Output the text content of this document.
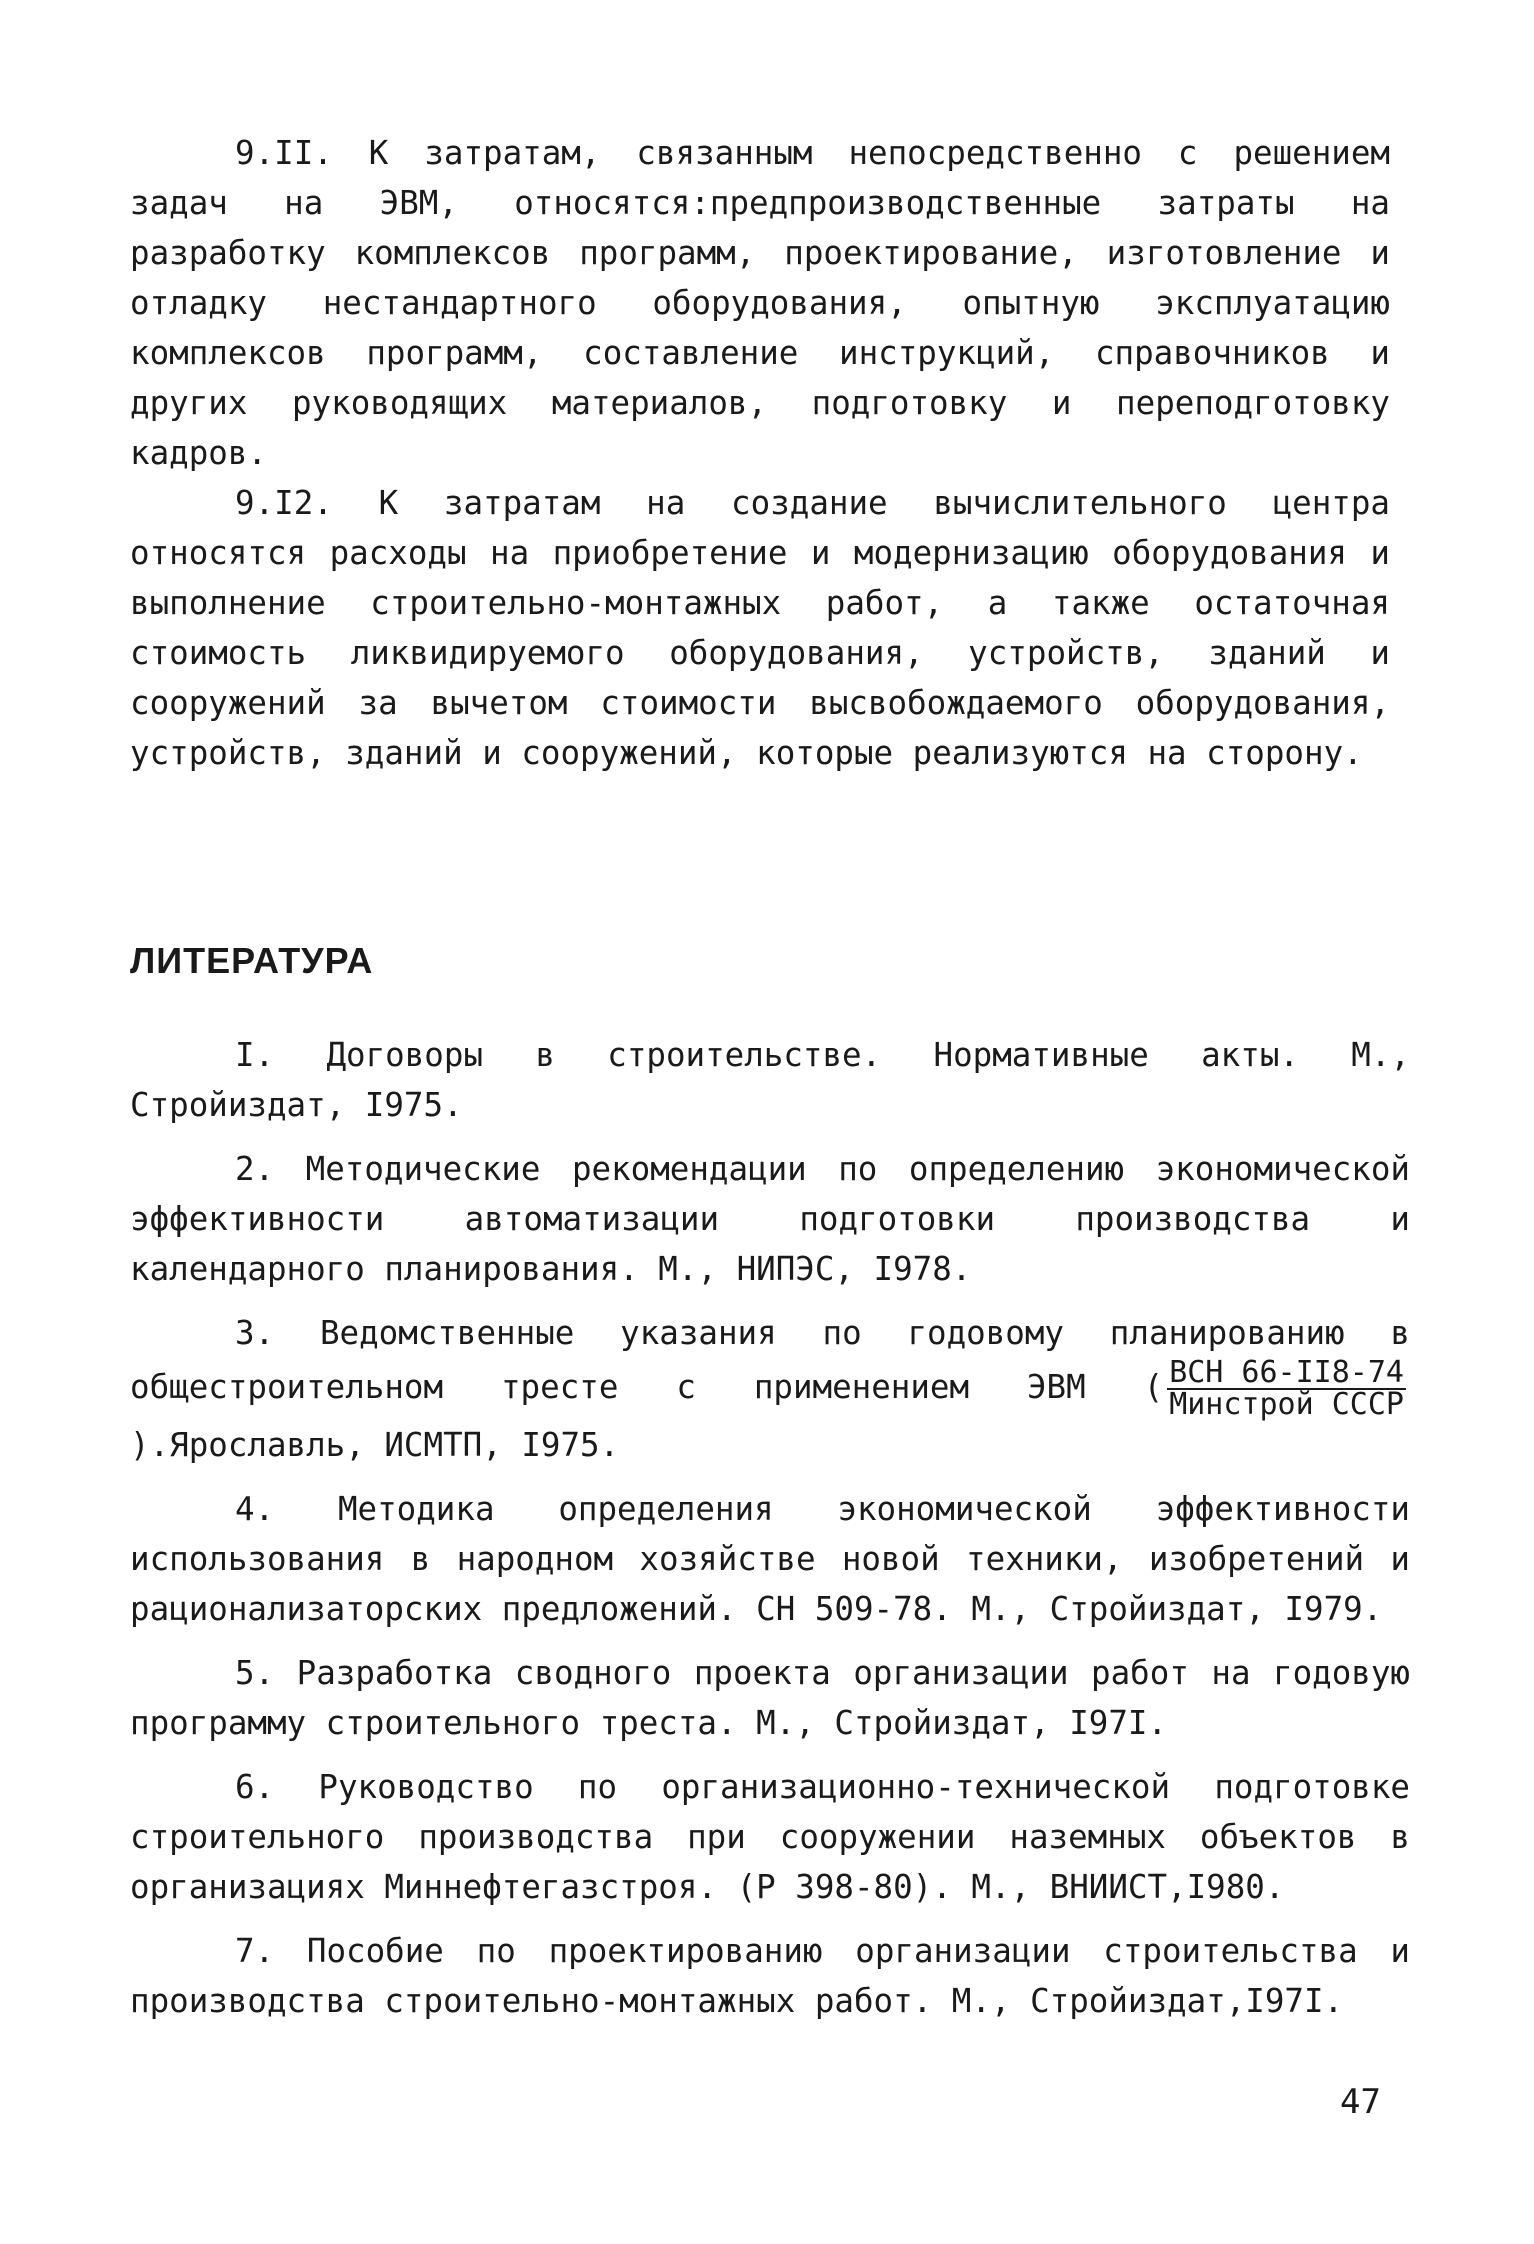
9.II. К затратам, связанным непосредственно с решением задач на ЭВМ, относятся:предпроизводственные затраты на разработку комплексов программ, проектирование, изготовление и отладку нестандартного оборудования, опытную эксплуатацию комплексов программ, составление инструкций, справочников и других руководящих материалов, подготовку и переподготовку кадров.

9.I2. К затратам на создание вычислительного центра относятся расходы на приобретение и модернизацию оборудования и выполнение строительно-монтажных работ, а также остаточная стоимость ликвидируемого оборудования, устройств, зданий и сооружений за вычетом стоимости высвобождаемого оборудования, устройств, зданий и сооружений, которые реализуются на сторону.

ЛИТЕРАТУРА

I. Договоры в строительстве. Нормативные акты. М., Стройиздат, I975.

2. Методические рекомендации по определению экономической эффективности автоматизации подготовки производства и календарного планирования. М., НИПЭС, I978.

3. Ведомственные указания по годовому планированию в общестроительном тресте с применением ЭВМ ( $\frac{\text{ВСН 66-II8-74}}{\text{Минстрой СССР}}$
).Ярославль, ИСМТП, I975.

4. Методика определения экономической эффективности использования в народном хозяйстве новой техники, изобретений и рационализаторских предложений. СН 509-78. М., Стройиздат, I979.

5. Разработка сводного проекта организации работ на годовую программу строительного треста. М., Стройиздат, I97I.

6. Руководство по организационно-технической подготовке строительного производства при сооружении наземных объектов в организациях Миннефтегазстроя. (Р 398-80). М., ВНИИСТ,I980.

7. Пособие по проектированию организации строительства и производства строительно-монтажных работ. М., Стройиздат,I97I.

47
